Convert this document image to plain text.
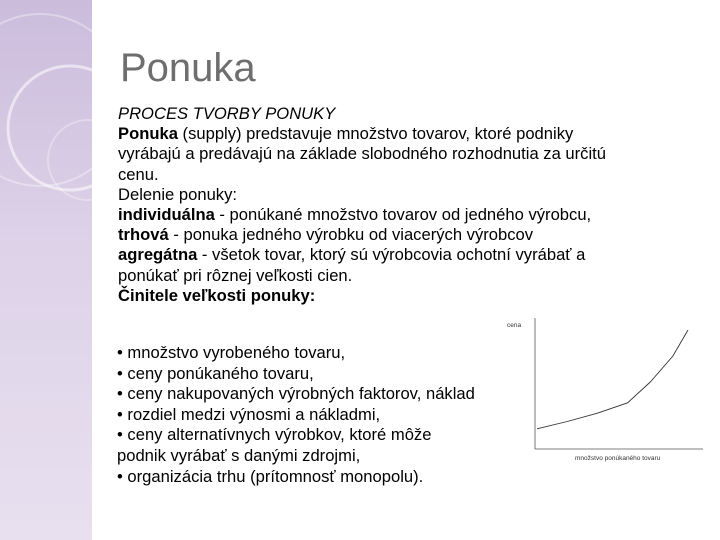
Ponuka

PROCES TVORBY PONUKY

Ponuka (supply) predstavuje množstvo tovarov, ktoré podniky

vyrábajú a predávajú na základe slobodného rozhodnutia za určitú

cenu.

Delenie ponuky:

individuálna - ponúkané množstvo tovarov od jedného výrobcu,

trhová - ponuka jedného výrobku od viacerých výrobcov

agregátna - všetok tovar, ktorý sú výrobcovia ochotní vyrábať a

ponúkať pri rôznej veľkosti cien.

Činitele veľkosti ponuky:

• množstvo vyrobeného tovaru,

• ceny ponúkaného tovaru,

• ceny nakupovaných výrobných faktorov, náklad

• rozdiel medzi výnosmi a nákladmi,

• ceny alternatívnych výrobkov, ktoré môže

podnik vyrábať s danými zdrojmi,

• organizácia trhu (prítomnosť monopolu).

cena
množstvo ponúkaného tovaru
